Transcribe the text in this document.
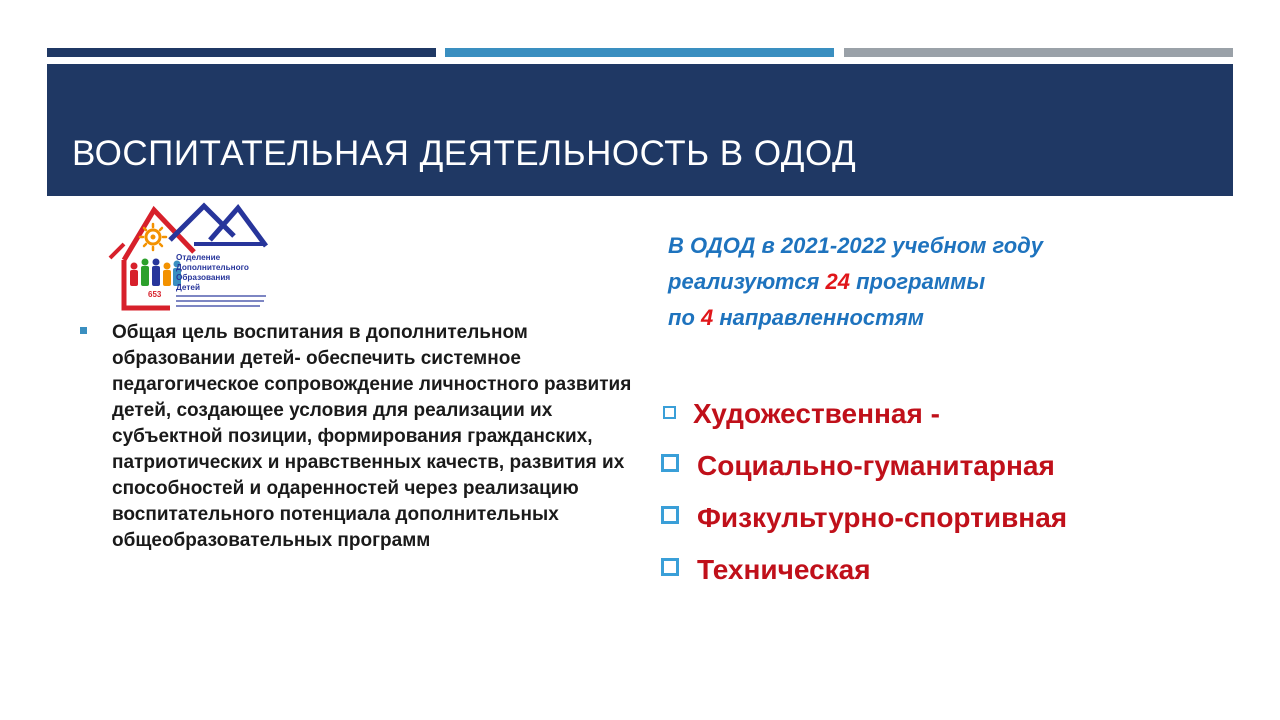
ВОСПИТАТЕЛЬНАЯ ДЕЯТЕЛЬНОСТЬ В ОДОД
653
Отделение
Дополнительного
Образования
Детей
Общая цель воспитания в дополнительном образовании детей- обеспечить системное педагогическое сопровождение личностного развития детей, создающее условия для реализации их субъектной позиции, формирования гражданских, патриотических и нравственных качеств, развития их способностей и одаренностей через реализацию воспитательного потенциала дополнительных общеобразовательных программ
В ОДОД в 2021-2022 учебном году
реализуются 24 программы
по 4 направленностям
Художественная -
Социально-гуманитарная
Физкультурно-спортивная
Техническая
